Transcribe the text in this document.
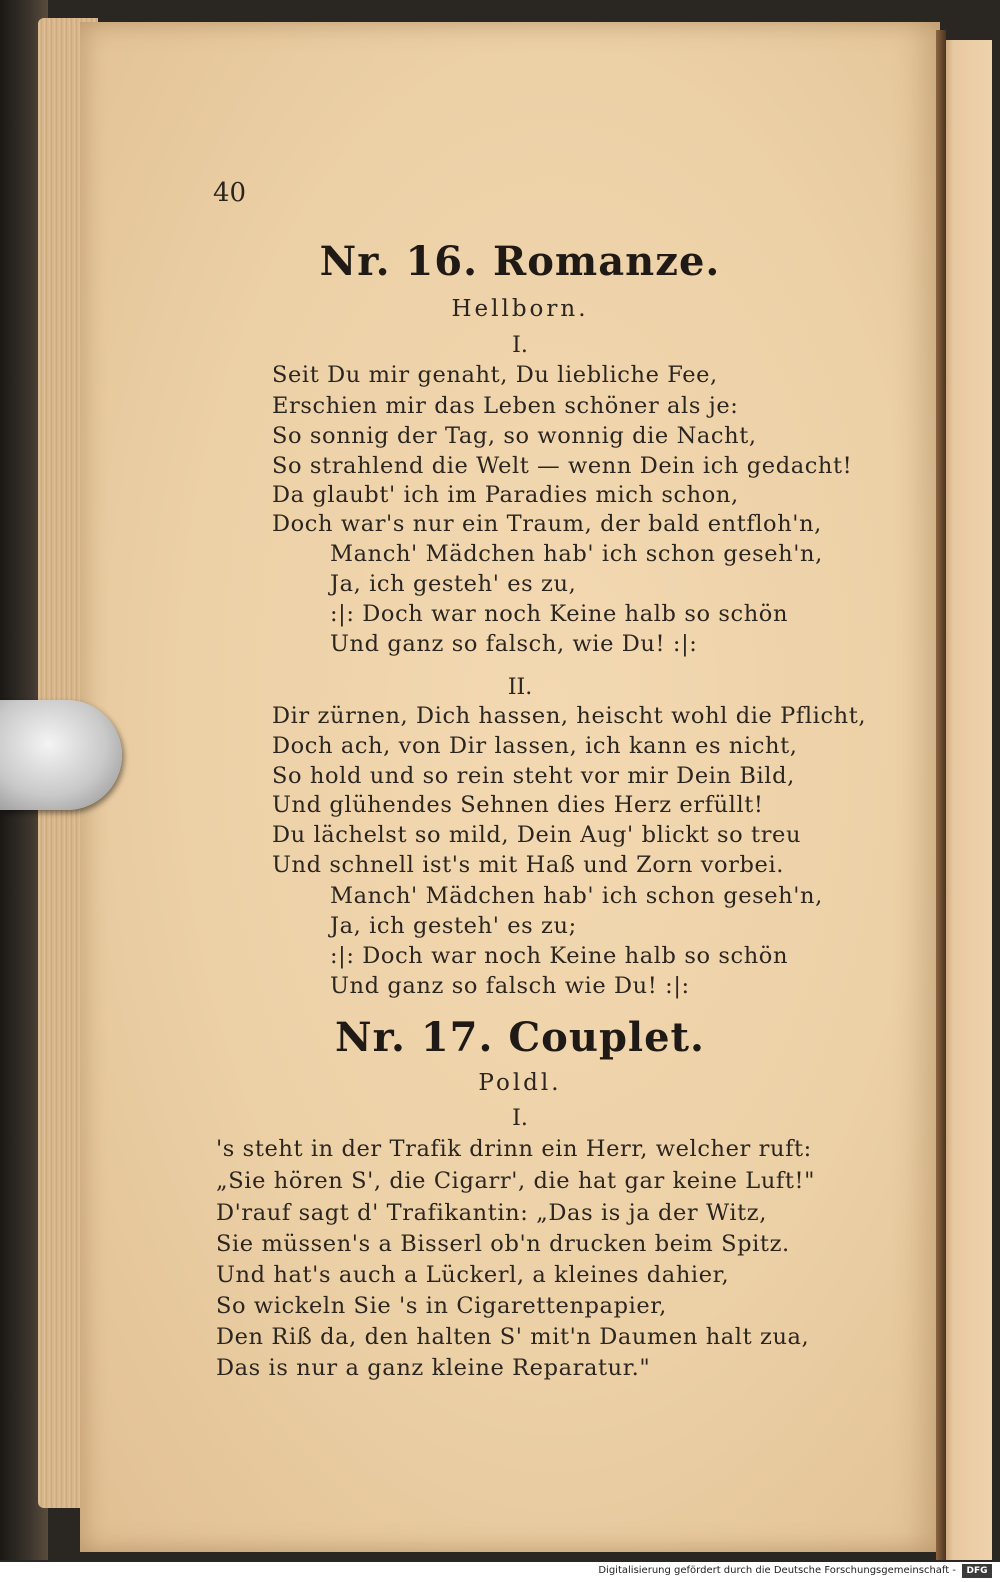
40
Nr. 16. Romanze.
Hellborn.
I.
Seit Du mir genaht, Du liebliche Fee,
Erschien mir das Leben schöner als je:
So sonnig der Tag, so wonnig die Nacht,
So strahlend die Welt — wenn Dein ich gedacht!
Da glaubt' ich im Paradies mich schon,
Doch war's nur ein Traum, der bald entfloh'n,
Manch' Mädchen hab' ich schon geseh'n,
Ja, ich gesteh' es zu,
:|: Doch war noch Keine halb so schön
Und ganz so falsch, wie Du! :|:
II.
Dir zürnen, Dich hassen, heischt wohl die Pflicht,
Doch ach, von Dir lassen, ich kann es nicht,
So hold und so rein steht vor mir Dein Bild,
Und glühendes Sehnen dies Herz erfüllt!
Du lächelst so mild, Dein Aug' blickt so treu
Und schnell ist's mit Haß und Zorn vorbei.
Manch' Mädchen hab' ich schon geseh'n,
Ja, ich gesteh' es zu;
:|: Doch war noch Keine halb so schön
Und ganz so falsch wie Du! :|:
Nr. 17. Couplet.
Poldl.
I.
's steht in der Trafik drinn ein Herr, welcher ruft:
„Sie hören S', die Cigarr', die hat gar keine Luft!"
D'rauf sagt d' Trafikantin: „Das is ja der Witz,
Sie müssen's a Bisserl ob'n drucken beim Spitz.
Und hat's auch a Lückerl, a kleines dahier,
So wickeln Sie 's in Cigarettenpapier,
Den Riß da, den halten S' mit'n Daumen halt zua,
Das is nur a ganz kleine Reparatur."
Digitalisierung gefördert durch die Deutsche Forschungsgemeinschaft -	DFG
